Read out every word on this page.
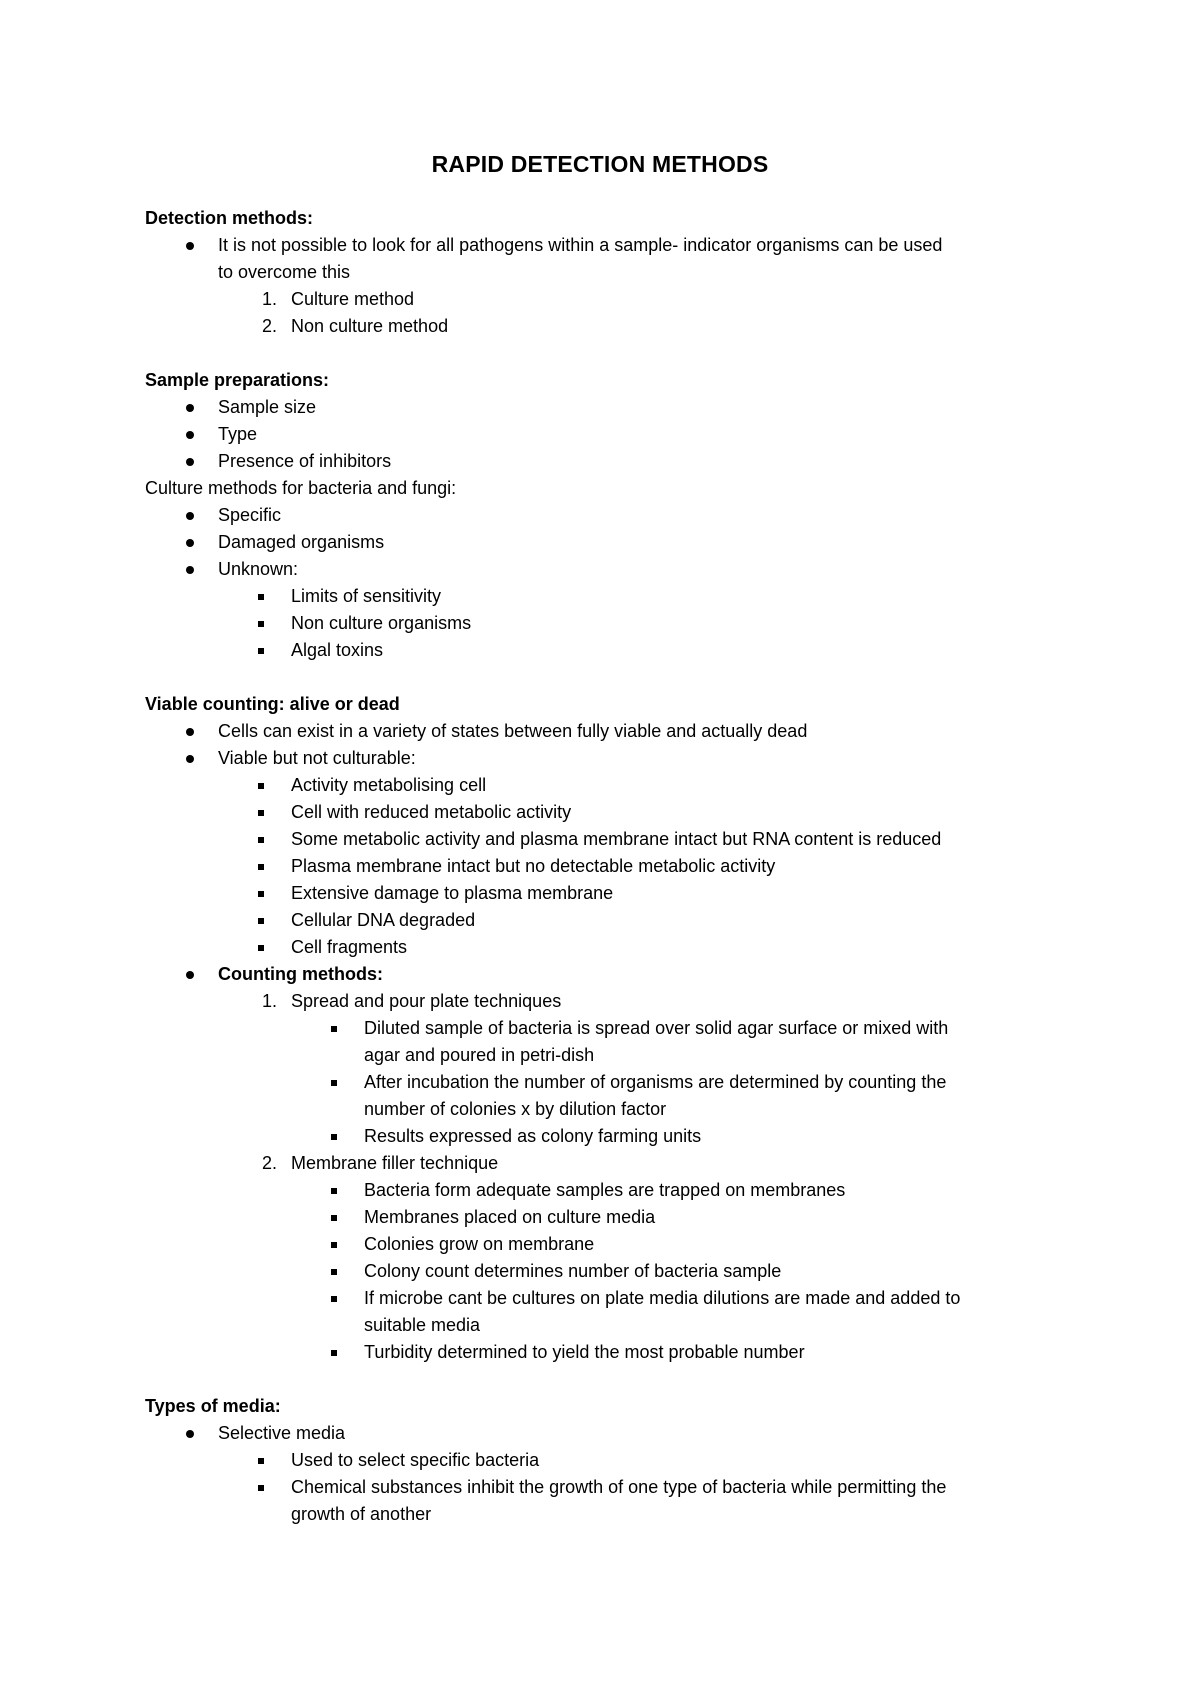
RAPID DETECTION METHODS
Detection methods:
It is not possible to look for all pathogens within a sample- indicator organisms can be used
to overcome this
1. Culture method
2. Non culture method
Sample preparations:
Sample size
Type
Presence of inhibitors
Culture methods for bacteria and fungi:
Specific
Damaged organisms
Unknown:
Limits of sensitivity
Non culture organisms
Algal toxins
Viable counting: alive or dead
Cells can exist in a variety of states between fully viable and actually dead
Viable but not culturable:
Activity metabolising cell
Cell with reduced metabolic activity
Some metabolic activity and plasma membrane intact but RNA content is reduced
Plasma membrane intact but no detectable metabolic activity
Extensive damage to plasma membrane
Cellular DNA degraded
Cell fragments
Counting methods:
1. Spread and pour plate techniques
Diluted sample of bacteria is spread over solid agar surface or mixed with
agar and poured in petri-dish
After incubation the number of organisms are determined by counting the
number of colonies x by dilution factor
Results expressed as colony farming units
2. Membrane filler technique
Bacteria form adequate samples are trapped on membranes
Membranes placed on culture media
Colonies grow on membrane
Colony count determines number of bacteria sample
If microbe cant be cultures on plate media dilutions are made and added to
suitable media
Turbidity determined to yield the most probable number
Types of media:
Selective media
Used to select specific bacteria
Chemical substances inhibit the growth of one type of bacteria while permitting the
growth of another
